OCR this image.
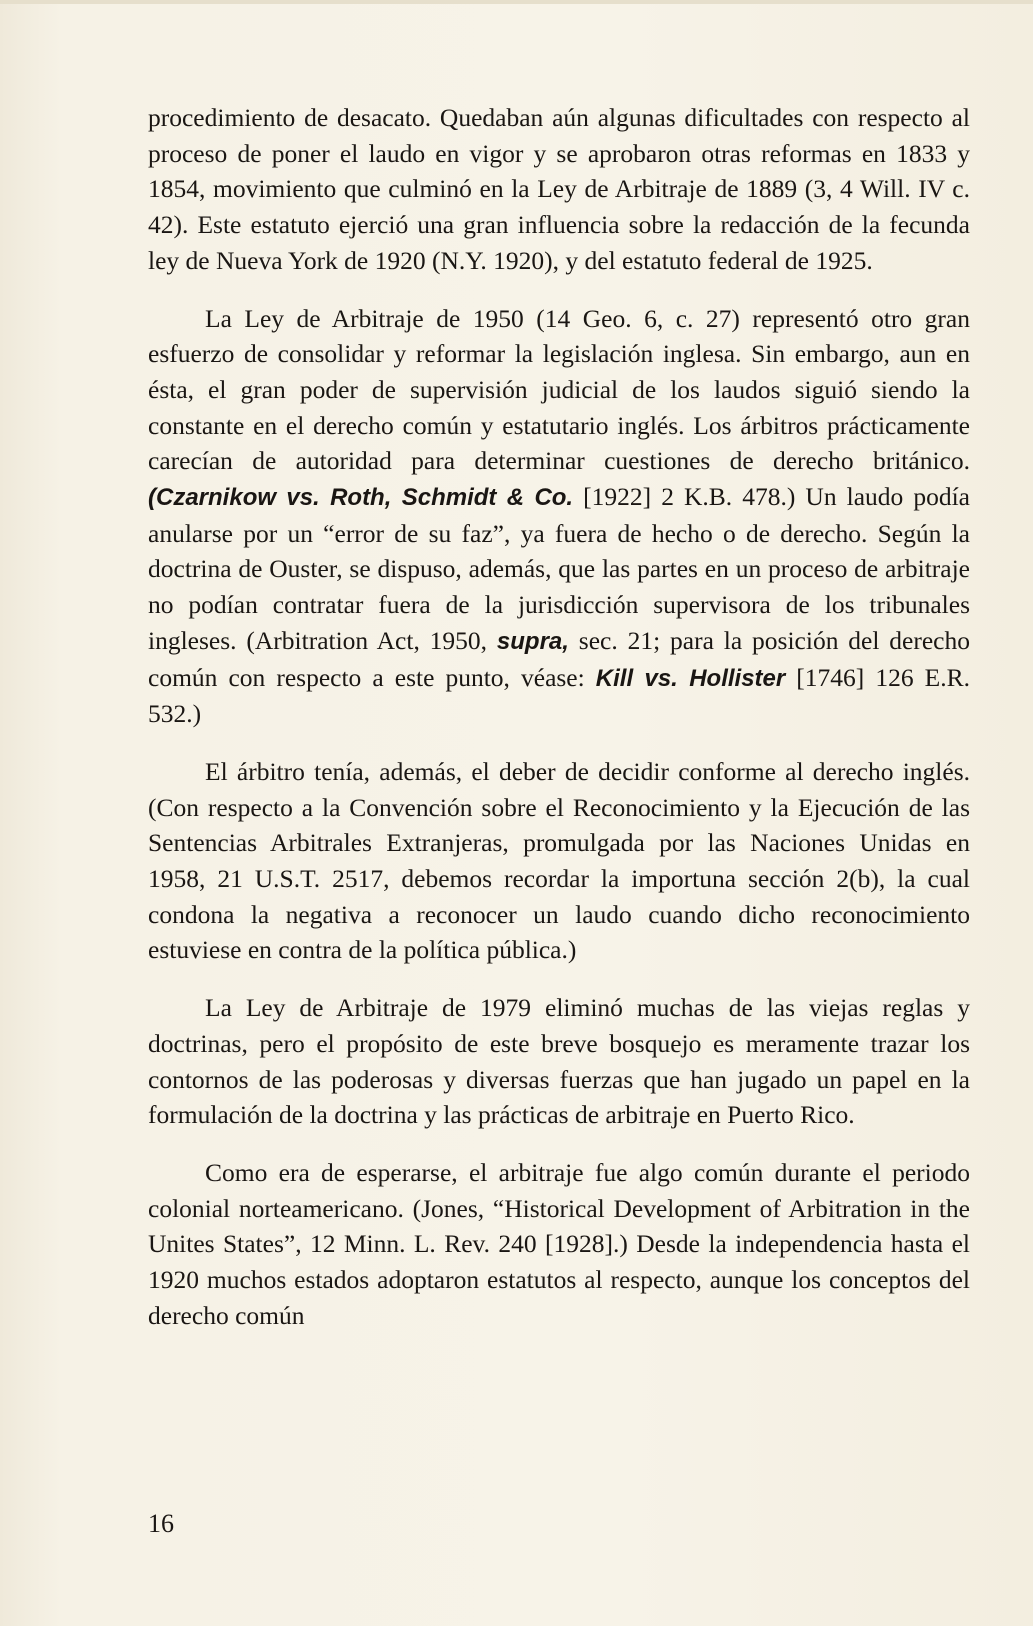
procedimiento de desacato. Quedaban aún algunas dificultades con respecto al proceso de poner el laudo en vigor y se aprobaron otras reformas en 1833 y 1854, movimiento que culminó en la Ley de Arbitraje de 1889 (3, 4 Will. IV c. 42). Este estatuto ejerció una gran influencia sobre la redacción de la fecunda ley de Nueva York de 1920 (N.Y. 1920), y del estatuto federal de 1925.

La Ley de Arbitraje de 1950 (14 Geo. 6, c. 27) representó otro gran esfuerzo de consolidar y reformar la legislación inglesa. Sin embargo, aun en ésta, el gran poder de supervisión judicial de los laudos siguió siendo la constante en el derecho común y estatutario inglés. Los árbitros prácticamente carecían de autoridad para determinar cuestiones de derecho británico. (Czarnikow vs. Roth, Schmidt & Co. [1922] 2 K.B. 478.) Un laudo podía anularse por un “error de su faz”, ya fuera de hecho o de derecho. Según la doctrina de Ouster, se dispuso, además, que las partes en un proceso de arbitraje no podían contratar fuera de la jurisdicción supervisora de los tribunales ingleses. (Arbitration Act, 1950, supra, sec. 21; para la posición del derecho común con respecto a este punto, véase: Kill vs. Hollister [1746] 126 E.R. 532.)

El árbitro tenía, además, el deber de decidir conforme al derecho inglés. (Con respecto a la Convención sobre el Reconocimiento y la Ejecución de las Sentencias Arbitrales Extranjeras, promulgada por las Naciones Unidas en 1958, 21 U.S.T. 2517, debemos recordar la importuna sección 2(b), la cual condona la negativa a reconocer un laudo cuando dicho reconocimiento estuviese en contra de la política pública.)

La Ley de Arbitraje de 1979 eliminó muchas de las viejas reglas y doctrinas, pero el propósito de este breve bosquejo es meramente trazar los contornos de las poderosas y diversas fuerzas que han jugado un papel en la formulación de la doctrina y las prácticas de arbitraje en Puerto Rico.

Como era de esperarse, el arbitraje fue algo común durante el periodo colonial norteamericano. (Jones, “Historical Development of Arbitration in the Unites States”, 12 Minn. L. Rev. 240 [1928].) Desde la independencia hasta el 1920 muchos estados adoptaron estatutos al respecto, aunque los conceptos del derecho común

16
